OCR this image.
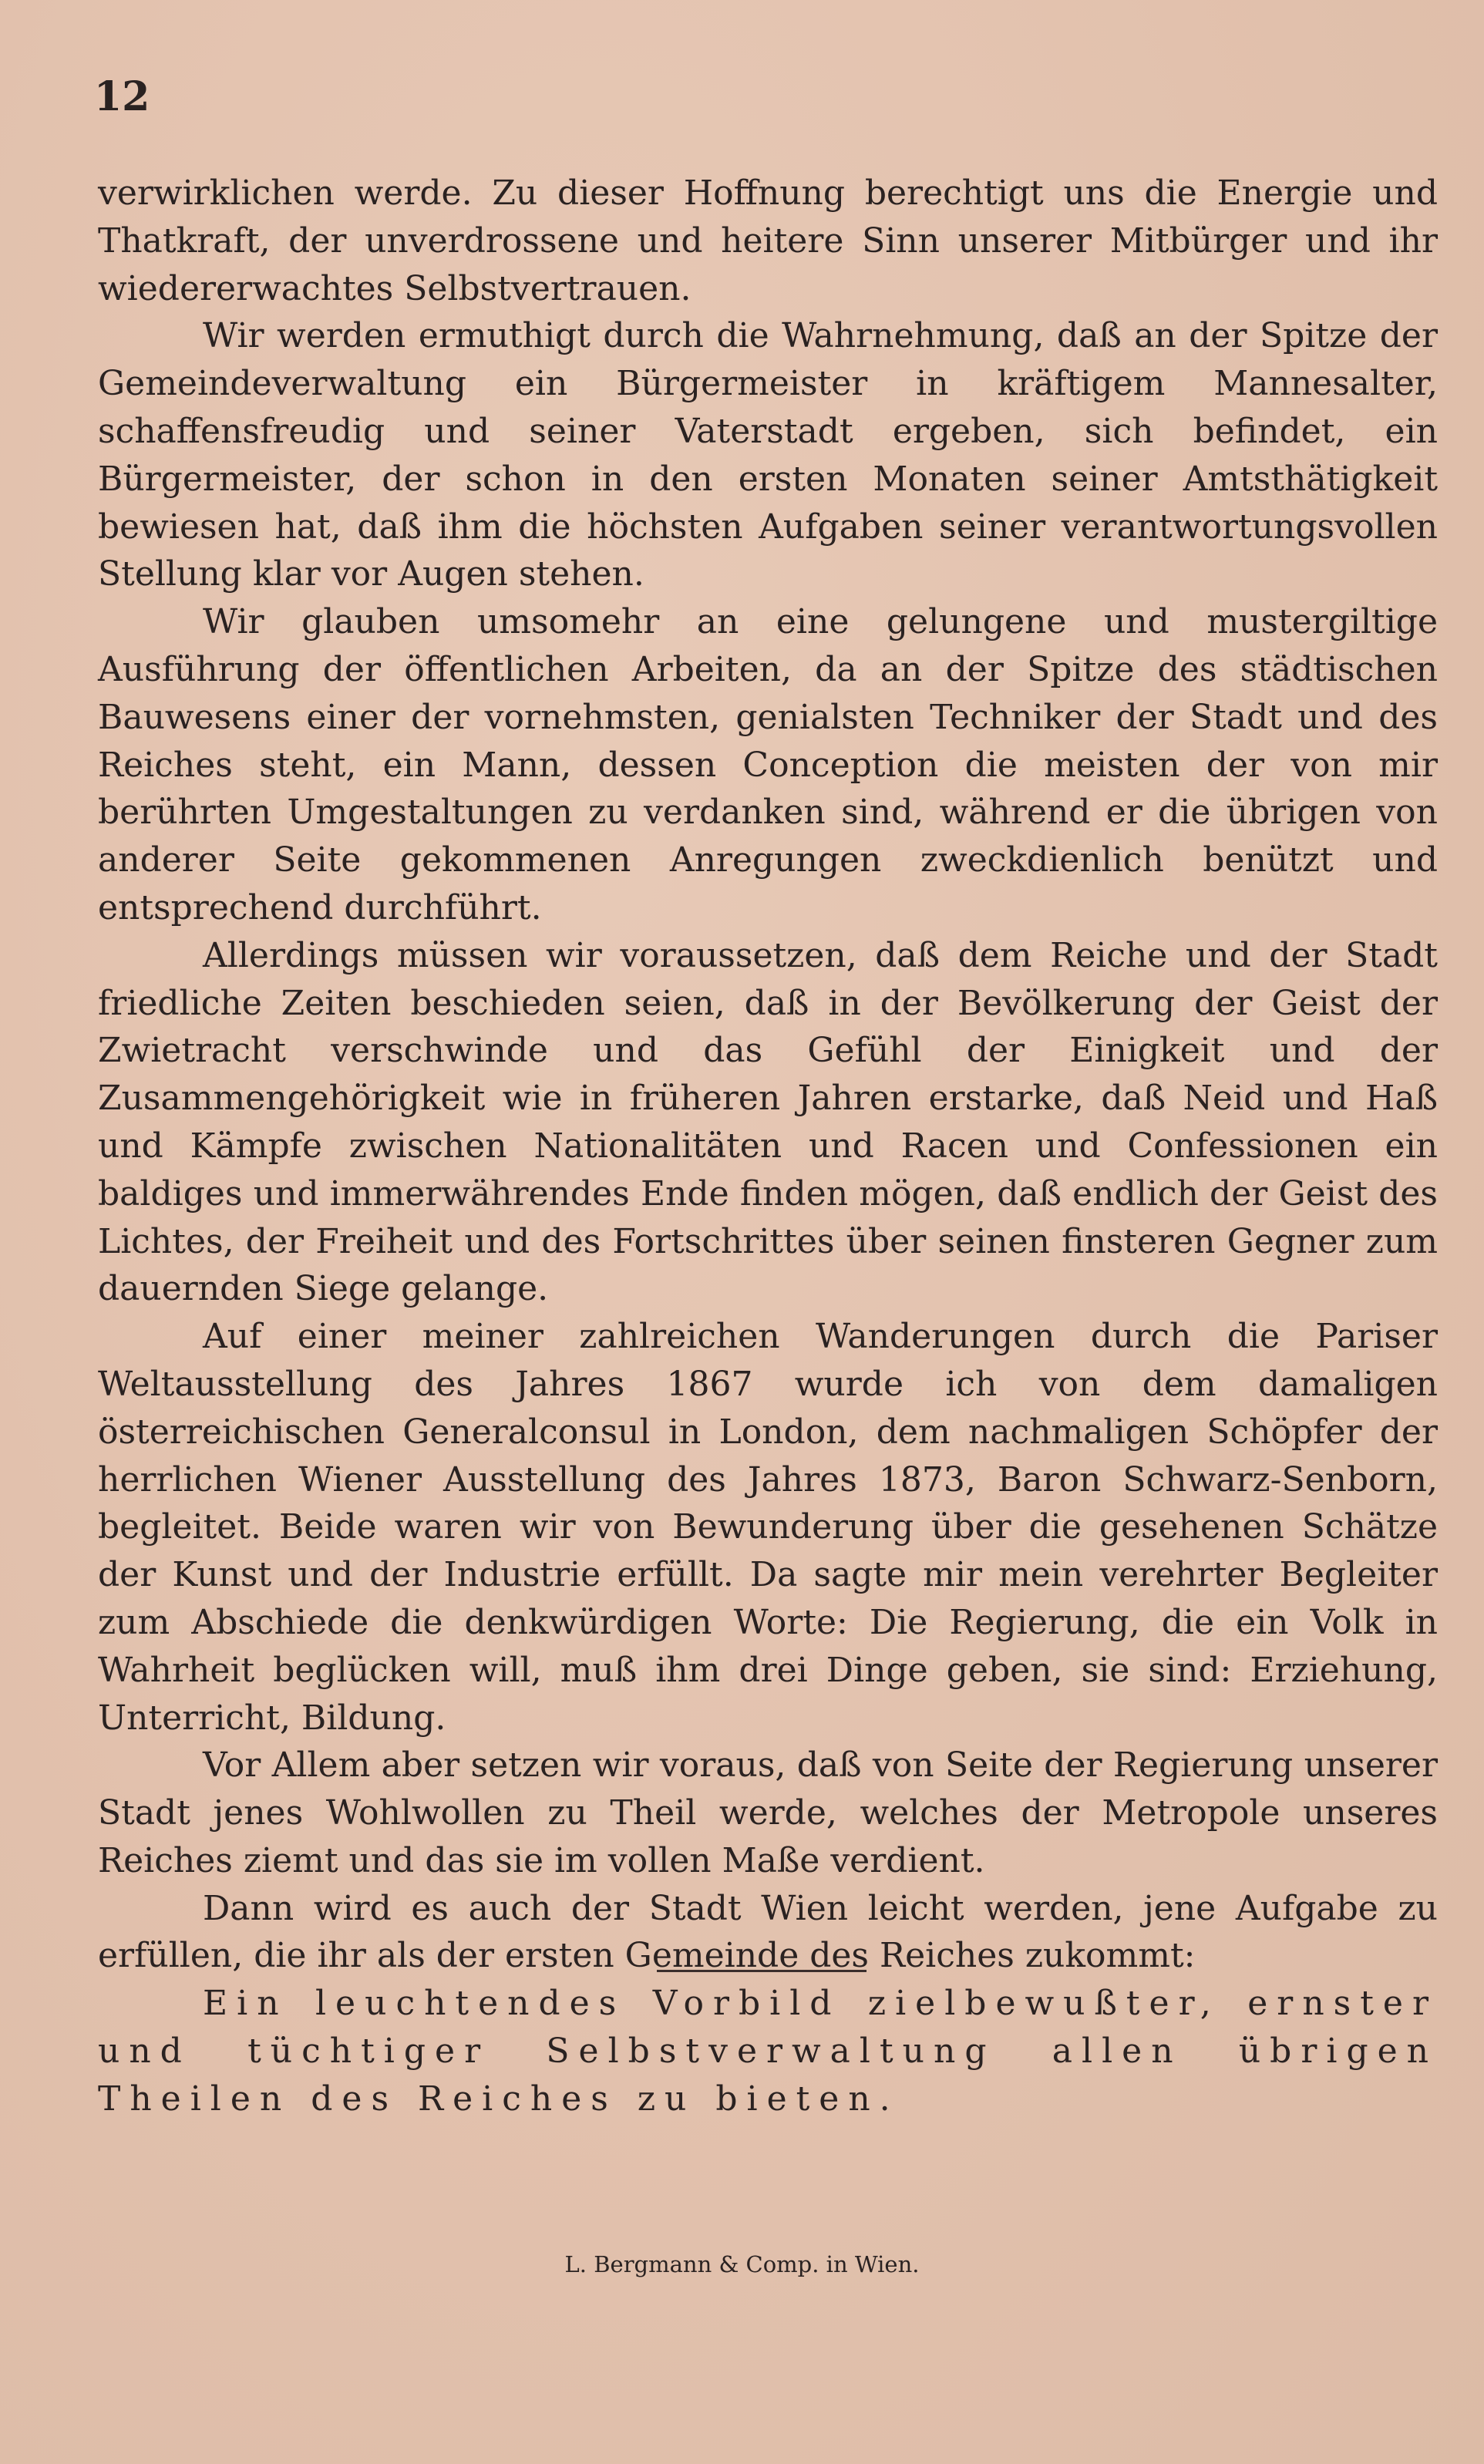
12

verwirklichen werde. Zu dieser Hoffnung berechtigt uns die Energie und Thatkraft, der unverdrossene und heitere Sinn unserer Mitbürger und ihr wiedererwachtes Selbstvertrauen.

Wir werden ermuthigt durch die Wahrnehmung, daß an der Spitze der Gemeindeverwaltung ein Bürgermeister in kräftigem Mannesalter, schaffensfreudig und seiner Vaterstadt ergeben, sich befindet, ein Bürgermeister, der schon in den ersten Monaten seiner Amtsthätigkeit bewiesen hat, daß ihm die höchsten Aufgaben seiner verantwortungsvollen Stellung klar vor Augen stehen.

Wir glauben umsomehr an eine gelungene und mustergiltige Ausführung der öffentlichen Arbeiten, da an der Spitze des städtischen Bauwesens einer der vornehmsten, genialsten Techniker der Stadt und des Reiches steht, ein Mann, dessen Conception die meisten der von mir berührten Umgestaltungen zu verdanken sind, während er die übrigen von anderer Seite gekommenen Anregungen zweckdienlich benützt und entsprechend durchführt.

Allerdings müssen wir voraussetzen, daß dem Reiche und der Stadt friedliche Zeiten beschieden seien, daß in der Bevölkerung der Geist der Zwietracht verschwinde und das Gefühl der Einigkeit und der Zusammengehörigkeit wie in früheren Jahren erstarke, daß Neid und Haß und Kämpfe zwischen Nationalitäten und Racen und Confessionen ein baldiges und immerwährendes Ende finden mögen, daß endlich der Geist des Lichtes, der Freiheit und des Fortschrittes über seinen finsteren Gegner zum dauernden Siege gelange.

Auf einer meiner zahlreichen Wanderungen durch die Pariser Weltausstellung des Jahres 1867 wurde ich von dem damaligen österreichischen Generalconsul in London, dem nachmaligen Schöpfer der herrlichen Wiener Ausstellung des Jahres 1873, Baron Schwarz-Senborn, begleitet. Beide waren wir von Bewunderung über die gesehenen Schätze der Kunst und der Industrie erfüllt. Da sagte mir mein verehrter Begleiter zum Abschiede die denkwürdigen Worte: Die Regierung, die ein Volk in Wahrheit beglücken will, muß ihm drei Dinge geben, sie sind: Erziehung, Unterricht, Bildung.

Vor Allem aber setzen wir voraus, daß von Seite der Regierung unserer Stadt jenes Wohlwollen zu Theil werde, welches der Metropole unseres Reiches ziemt und das sie im vollen Maße verdient.

Dann wird es auch der Stadt Wien leicht werden, jene Aufgabe zu erfüllen, die ihr als der ersten Gemeinde des Reiches zukommt:

Ein leuchtendes Vorbild zielbewußter, ernster und tüchtiger Selbstverwaltung allen übrigen Theilen des Reiches zu bieten.

L. Bergmann & Comp. in Wien.
